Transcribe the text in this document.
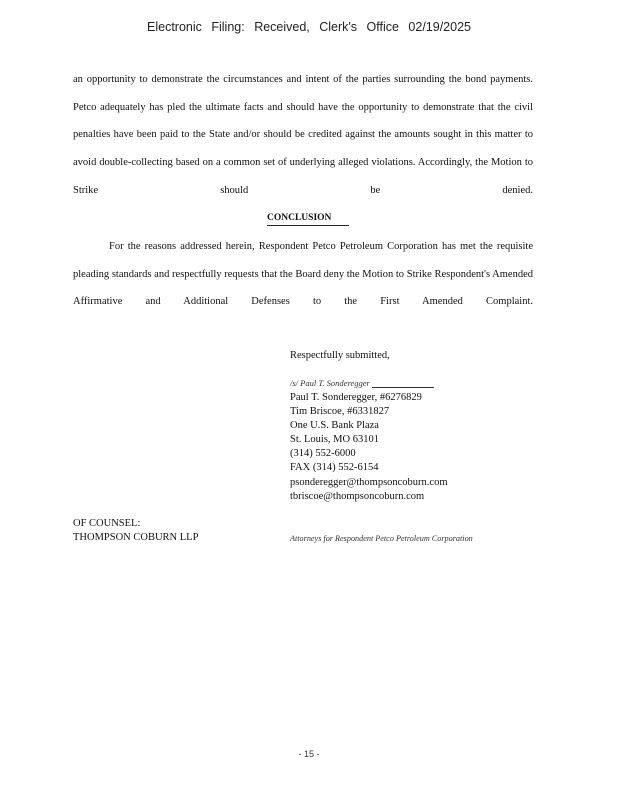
Electronic Filing: Received, Clerk's Office 02/19/2025

an opportunity to demonstrate the circumstances and intent of the parties surrounding the bond payments. Petco adequately has pled the ultimate facts and should have the opportunity to demonstrate that the civil penalties have been paid to the State and/or should be credited against the amounts sought in this matter to avoid double-collecting based on a common set of underlying alleged violations. Accordingly, the Motion to Strike should be denied.

CONCLUSION

For the reasons addressed herein, Respondent Petco Petroleum Corporation has met the requisite pleading standards and respectfully requests that the Board deny the Motion to Strike Respondent's Amended Affirmative and Additional Defenses to the First Amended Complaint.

Respectfully submitted,
/s/ Paul T. Sonderegger
Paul T. Sonderegger, #6276829
Tim Briscoe, #6331827
One U.S. Bank Plaza
St. Louis, MO 63101
(314) 552-6000
FAX (314) 552-6154
psonderegger@thompsoncoburn.com
tbriscoe@thompsoncoburn.com
OF COUNSEL:
THOMPSON COBURN LLP	Attorneys for Respondent Petco Petroleum Corporation
- 15 -
